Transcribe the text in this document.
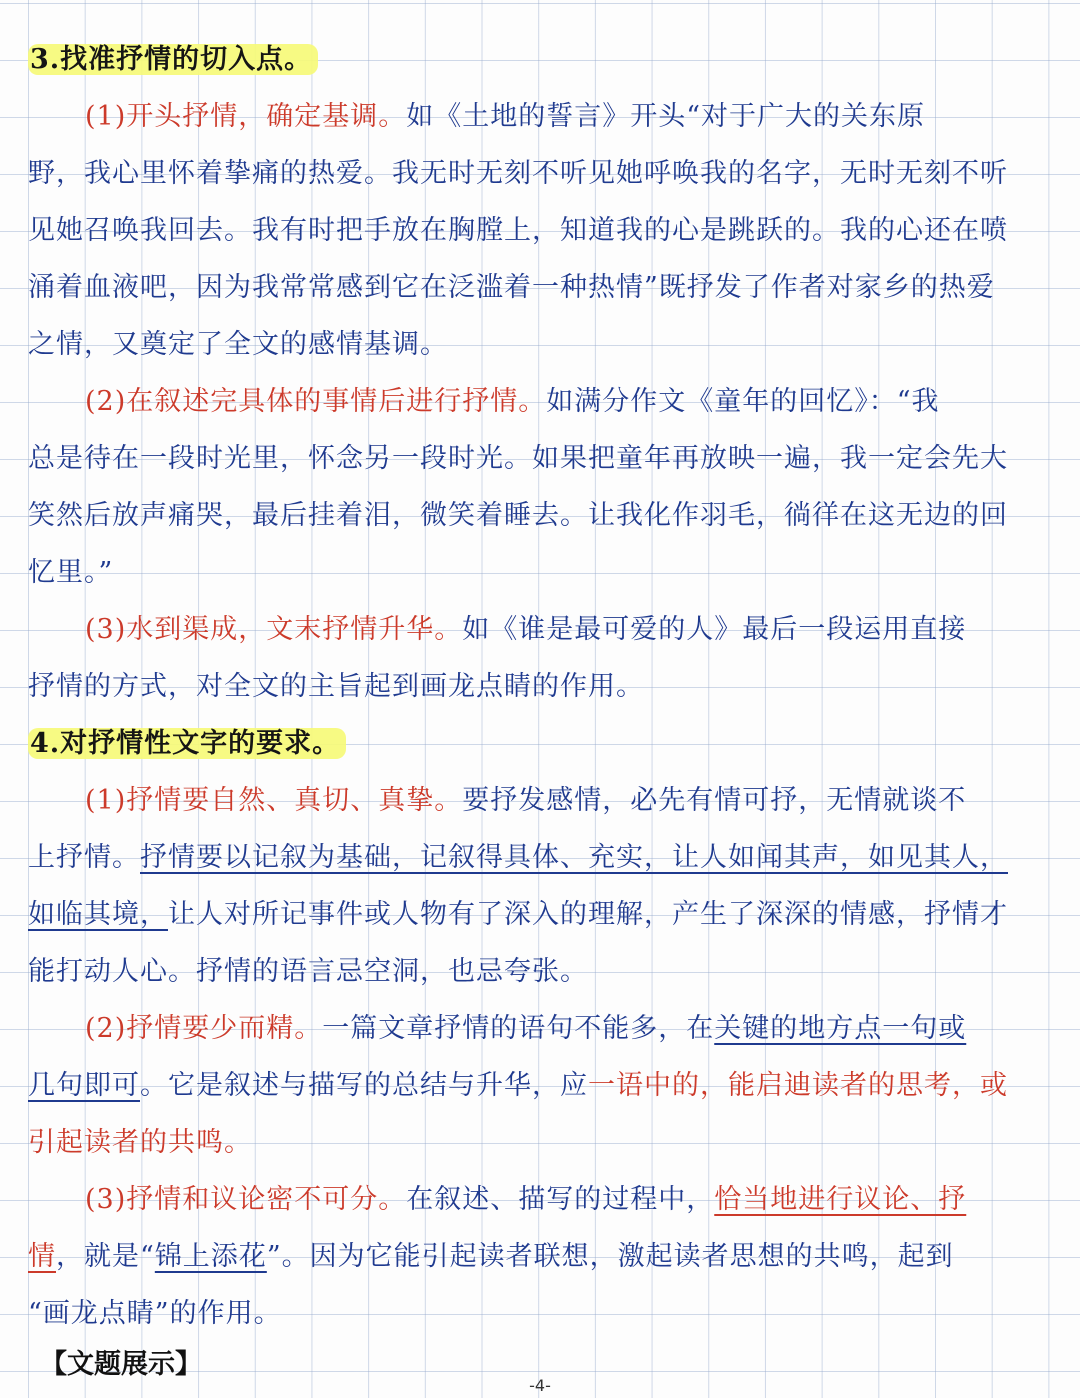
3.找准抒情的切入点。
(1)开头抒情，确定基调。如《土地的誓言》开头“对于广大的关东原
野，我心里怀着挚痛的热爱。我无时无刻不听见她呼唤我的名字，无时无刻不听
见她召唤我回去。我有时把手放在胸膛上，知道我的心是跳跃的。我的心还在喷
涌着血液吧，因为我常常感到它在泛滥着一种热情”既抒发了作者对家乡的热爱
之情，又奠定了全文的感情基调。
(2)在叙述完具体的事情后进行抒情。如满分作文《童年的回忆》：“我
总是待在一段时光里，怀念另一段时光。如果把童年再放映一遍，我一定会先大
笑然后放声痛哭，最后挂着泪，微笑着睡去。让我化作羽毛，徜徉在这无边的回
忆里。”
(3)水到渠成，文末抒情升华。如《谁是最可爱的人》最后一段运用直接
抒情的方式，对全文的主旨起到画龙点睛的作用。
4.对抒情性文字的要求。
(1)抒情要自然、真切、真挚。要抒发感情，必先有情可抒，无情就谈不
上抒情。抒情要以记叙为基础，记叙得具体、充实，让人如闻其声，如见其人，
如临其境，让人对所记事件或人物有了深入的理解，产生了深深的情感，抒情才
能打动人心。抒情的语言忌空洞，也忌夸张。
(2)抒情要少而精。一篇文章抒情的语句不能多，在关键的地方点一句或
几句即可。它是叙述与描写的总结与升华，应一语中的，能启迪读者的思考，或
引起读者的共鸣。
(3)抒情和议论密不可分。在叙述、描写的过程中，恰当地进行议论、抒
情，就是“锦上添花”。因为它能引起读者联想，激起读者思想的共鸣，起到
“画龙点睛”的作用。
【文题展示】
-4-
